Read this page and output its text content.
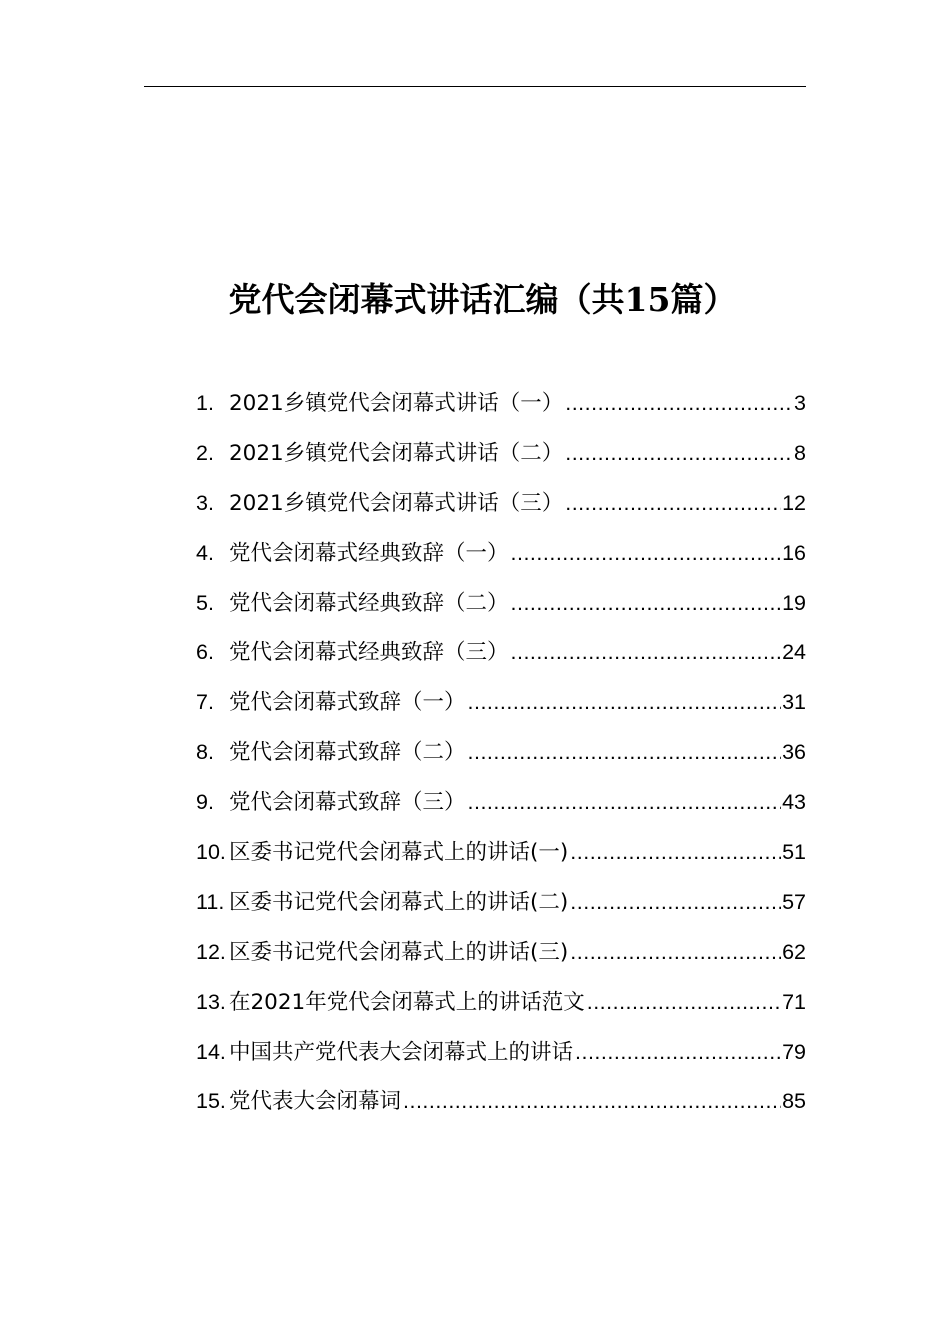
党代会闭幕式讲话汇编（共15篇）
1. 2021乡镇党代会闭幕式讲话（一） .....	3
2. 2021乡镇党代会闭幕式讲话（二） .....	8
3. 2021乡镇党代会闭幕式讲话（三） .....	12
4. 党代会闭幕式经典致辞（一） .....	16
5. 党代会闭幕式经典致辞（二） .....	19
6. 党代会闭幕式经典致辞（三） .....	24
7. 党代会闭幕式致辞（一） .....	31
8. 党代会闭幕式致辞（二） .....	36
9. 党代会闭幕式致辞（三） .....	43
10. 区委书记党代会闭幕式上的讲话(一) .....	51
11. 区委书记党代会闭幕式上的讲话(二) .....	57
12. 区委书记党代会闭幕式上的讲话(三) .....	62
13. 在2021年党代会闭幕式上的讲话范文 .....	71
14. 中国共产党代表大会闭幕式上的讲话 .....	79
15. 党代表大会闭幕词 .....	85
